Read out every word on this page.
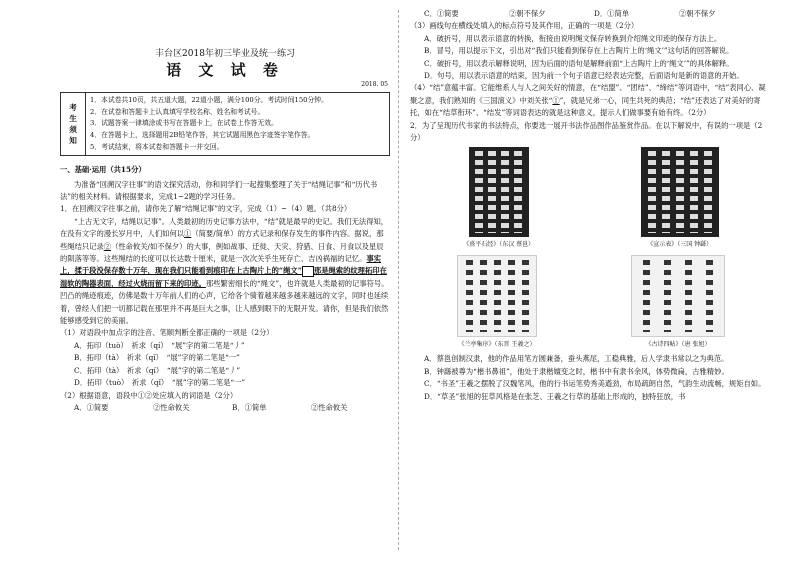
丰台区2018年初三毕业及统一练习
语 文 试 卷
2018. 05
考
生
须
知	
1．本试卷共10页，共五道大题，22道小题，满分100分。考试时间150分钟。
2．在试卷和答题卡上认真填写学校名称、姓名和考试号。
3．试题答案一律填涂或书写在答题卡上，在试卷上作答无效。
4．在答题卡上，选择题用2B铅笔作答，其它试题用黑色字迹签字笔作答。
5．考试结束，将本试卷和答题卡一并交回。
一、基础·运用（共15分）

为准备“回溯汉字往事”的语文探究活动，你和同学们一起搜集整理了关于“结绳记事”和“历代书法”的相关材料。请根据要求，完成1~2题的学习任务。

1．在回溯汉字往事之前，请你先了解“结绳记事”的文字，完成（1）~（4）题。（共8分）

“上古无文字，结绳以记事”。人类最初的历史记事方法中，“结”就是最早的史记。我们无法得知，在没有文字的漫长岁月中，人们如何以①（简要/简单）的方式记录和保存发生的事件内容。据说，那些绳结只记录②（性命攸关/如不保夕）的大事，例如战事、迁徙、天灾、狩猎、日食、月食以及星辰的陨落等等。这些绳结的长度可以长达数十厘米，就是一次次关乎生死存亡、吉凶祸福的记忆。事实上，揉于段没保存数十万年，现在我们只能看到痕印在上古陶片上的“绳文” 那是绳索的纹理拓印在湿软的陶器表面，经过火烧而留下来的印迹。那些繁密细长的“绳文”，也许就是人类最初的记事符号。凹凸的绳迹痕迹，仿佛是数十万年前人们的心声，它给各个骑着越来越多越来越远的文字，同时也延续着，曾经人们把一切都记载在那里并不再是巨大之事，让人感到眼下的无限开发。请你，但是我们依然能够感受到它的美丽。

（1）对语段中加点字的注音、笔顺判断全都正确的一项是（2分）

A．拓印（tuò）　祈求（qí）　“展”字的第二笔是“丿”
B．拓印（tà）　祈求（qǐ）　“展”字的第二笔是“一”
C．拓印（tà）　祈求（qí）　“展”字的第二笔是“丿”
D．拓印（tuò）　祈求（qǐ）　“展”字的第二笔是“一”

（2）根据语意，语段中①②处应填入的词语是（2分）

A．①简要	②性命攸关	B．①简单	②性命攸关
C．①简要	②朝不保夕	D．①简单	②朝不保夕

（3）画线句在横线处填入的标点符号及其作用，正确的一项是（2分）

A．破折号，用以表示语意的转换，衔接由说明绳文保存转换到介绍绳文印迹的保存方法上。
B．冒号，用以提示下文，引出对“我们只能看到保存在上古陶片上的‘绳文’”这句话的回答解说。
C．破折号，用以表示解释说明，因为后面的语句是解释前面“上古陶片上的‘绳文’”的具体解释。
D．句号，用以表示语意的结束，因为前一个句子语意已经表达完整，后面语句是新的语意的开始。

（4）“结”意蕴丰富。它能维系人与人之间关好的情意，在“结盟”、“团结”、“缔结”等词语中，“结”表同心、凝聚之意，我们熟知的《三国演义》中刘关张“①”，就是兄弟一心，同生共死的典范；“结”还表达了对美好的寄托，如在“结草衔环”、“结发”等词语表达的就是这种意义，提示人们做事要有始有终。（2分）

2．为了呈现历代书家的书法特点，你要选一展开书法作品图作品鉴赏作品。在以下解说中，有误的一项是（2分）

《熹平石经》（东汉 蔡邕）	《宣示表》（三国 钟繇）
《兰亭集序》（东晋 王羲之）	《古诗四帖》（唐 张旭）
A．蔡邕创制汉隶，他的作品用笔方圆兼备，蚕头燕尾，工稳典雅，后人学隶书常以之为典范。
B．钟繇被尊为“楷书鼻祖”，他处于隶楷嬗变之时，楷书中有隶书余风，体势微扁，古雅精妙。
C．“书圣”王羲之摆脱了汉魏笔风，他的行书运笔势秀美遒劲，布局疏朗自然，气韵生动流畅，规矩自如。
D．“草圣”张旭的狂草风格是在张芝、王羲之行草的基础上形成的，独特狂放，书
